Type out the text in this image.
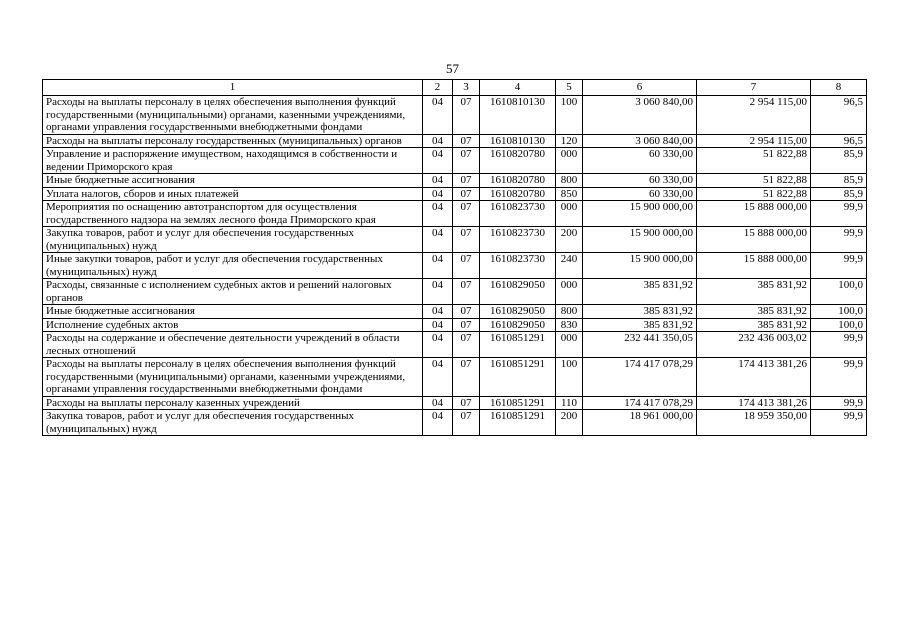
57
1	2	3	4	5	6	7	8
Расходы на выплаты персоналу в целях обеспечения выполнения функций государственными (муниципальными) органами, казенными учреждениями, органами управления государственными внебюджетными фондами	04	07	1610810130	100	3 060 840,00	2 954 115,00	96,5
Расходы на выплаты персоналу государственных (муниципальных) органов	04	07	1610810130	120	3 060 840,00	2 954 115,00	96,5
Управление и распоряжение имуществом, находящимся в собственности и ведении Приморского края	04	07	1610820780	000	60 330,00	51 822,88	85,9
Иные бюджетные ассигнования	04	07	1610820780	800	60 330,00	51 822,88	85,9
Уплата налогов, сборов и иных платежей	04	07	1610820780	850	60 330,00	51 822,88	85,9
Мероприятия по оснащению автотранспортом для осуществления государственного надзора на землях лесного фонда Приморского края	04	07	1610823730	000	15 900 000,00	15 888 000,00	99,9
Закупка товаров, работ и услуг для обеспечения государственных (муниципальных) нужд	04	07	1610823730	200	15 900 000,00	15 888 000,00	99,9
Иные закупки товаров, работ и услуг для обеспечения государственных (муниципальных) нужд	04	07	1610823730	240	15 900 000,00	15 888 000,00	99,9
Расходы, связанные с исполнением судебных актов и решений налоговых органов	04	07	1610829050	000	385 831,92	385 831,92	100,0
Иные бюджетные ассигнования	04	07	1610829050	800	385 831,92	385 831,92	100,0
Исполнение судебных актов	04	07	1610829050	830	385 831,92	385 831,92	100,0
Расходы на содержание и обеспечение деятельности учреждений в области лесных отношений	04	07	1610851291	000	232 441 350,05	232 436 003,02	99,9
Расходы на выплаты персоналу в целях обеспечения выполнения функций государственными (муниципальными) органами, казенными учреждениями, органами управления государственными внебюджетными фондами	04	07	1610851291	100	174 417 078,29	174 413 381,26	99,9
Расходы на выплаты персоналу казенных учреждений	04	07	1610851291	110	174 417 078,29	174 413 381,26	99,9
Закупка товаров, работ и услуг для обеспечения государственных (муниципальных) нужд	04	07	1610851291	200	18 961 000,00	18 959 350,00	99,9
